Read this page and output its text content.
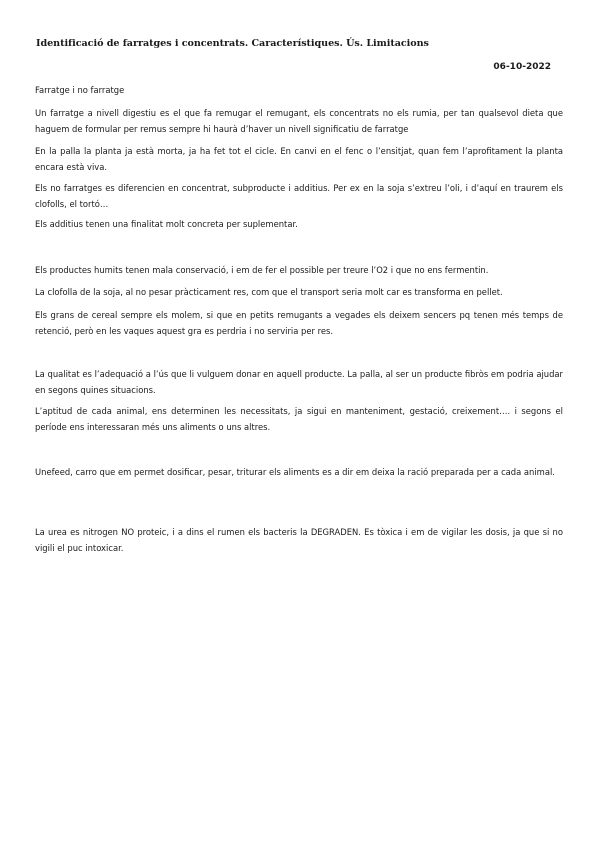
Identificació de farratges i concentrats. Característiques. Ús. Limitacions

06-10-2022

Farratge i no farratge

Un farratge a nivell digestiu es el que fa remugar el remugant, els concentrats no els rumia, per tan qualsevol dieta que haguem de formular per remus sempre hi haurà d’haver un nivell significatiu de farratge

En la palla la planta ja està morta, ja ha fet tot el cicle. En canvi en el fenc o l’ensitjat, quan fem l’aprofitament la planta encara està viva.

Els no farratges es diferencien en concentrat, subproducte i additius. Per ex en la soja s’extreu l’oli, i d’aquí en traurem els clofolls, el tortó…

Els additius tenen una finalitat molt concreta per suplementar.

Els productes humits tenen mala conservació, i em de fer el possible per treure l’O2 i que no ens fermentin.

La clofolla de la soja, al no pesar pràcticament res, com que el transport seria molt car es transforma en pellet.

Els grans de cereal sempre els molem, si que en petits remugants a vegades els deixem sencers pq tenen més temps de retenció, però en les vaques aquest gra es perdria i no serviria per res.

La qualitat es l’adequació a l’ús que li vulguem donar en aquell producte. La palla, al ser un producte fibròs em podria ajudar en segons quines situacions.

L’aptitud de cada animal, ens determinen les necessitats, ja sigui en manteniment, gestació, creixement…. i segons el període ens interessaran més uns aliments o uns altres.

Unefeed, carro que em permet dosificar, pesar, triturar els aliments es a dir em deixa la ració preparada per a cada animal.

La urea es nitrogen NO proteic, i a dins el rumen els bacteris la DEGRADEN. Es tòxica i em de vigilar les dosis, ja que si no vigili el puc intoxicar.
